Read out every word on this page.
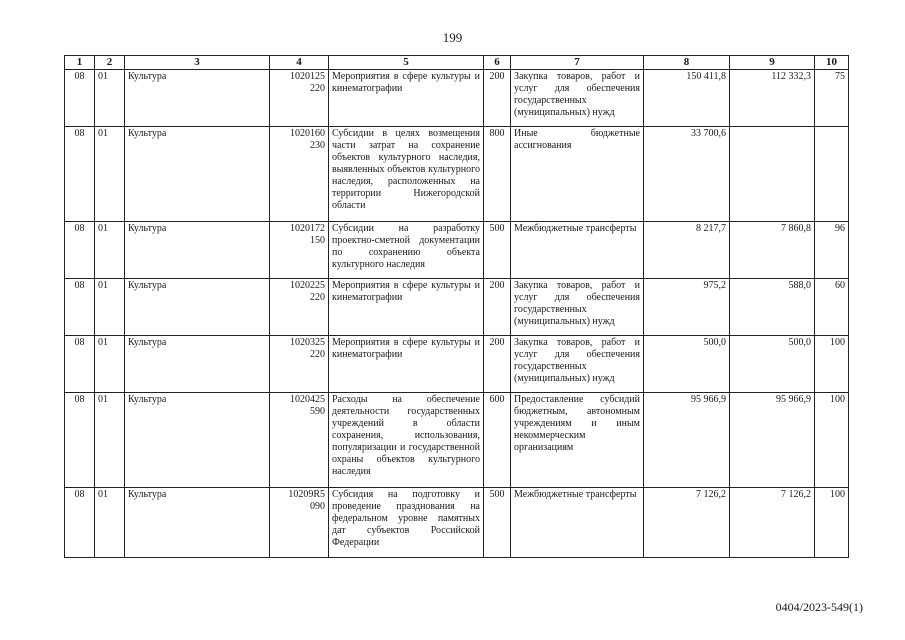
199
1	2	3	4	5	6	7	8	9	10
08	01	Культура	1020125 220	Мероприятия в сфере культуры и кинематографии	200	Закупка товаров, работ и услуг для обеспечения государственных (муниципальных) нужд	150 411,8	112 332,3	75
08	01	Культура	1020160 230	Субсидии в целях возмещения части затрат на сохранение объектов культурного наследия, выявленных объектов культурного наследия, расположенных на территории Нижегородской области	800	Иные бюджетные ассигнования	33 700,6		
08	01	Культура	1020172 150	Субсидии на разработку проектно-сметной документации по сохранению объекта культурного наследия	500	Межбюджетные трансферты	8 217,7	7 860,8	96
08	01	Культура	1020225 220	Мероприятия в сфере культуры и кинематографии	200	Закупка товаров, работ и услуг для обеспечения государственных (муниципальных) нужд	975,2	588,0	60
08	01	Культура	1020325 220	Мероприятия в сфере культуры и кинематографии	200	Закупка товаров, работ и услуг для обеспечения государственных (муниципальных) нужд	500,0	500,0	100
08	01	Культура	1020425 590	Расходы на обеспечение деятельности государственных учреждений в области сохранения, использования, популяризации и государственной охраны объектов культурного наследия	600	Предоставление субсидий бюджетным, автономным учреждениям и иным некоммерческим организациям	95 966,9	95 966,9	100
08	01	Культура	10209R5 090	Субсидия на подготовку и проведение празднования на федеральном уровне памятных дат субъектов Российской Федерации	500	Межбюджетные трансферты	7 126,2	7 126,2	100
0404/2023-549(1)
